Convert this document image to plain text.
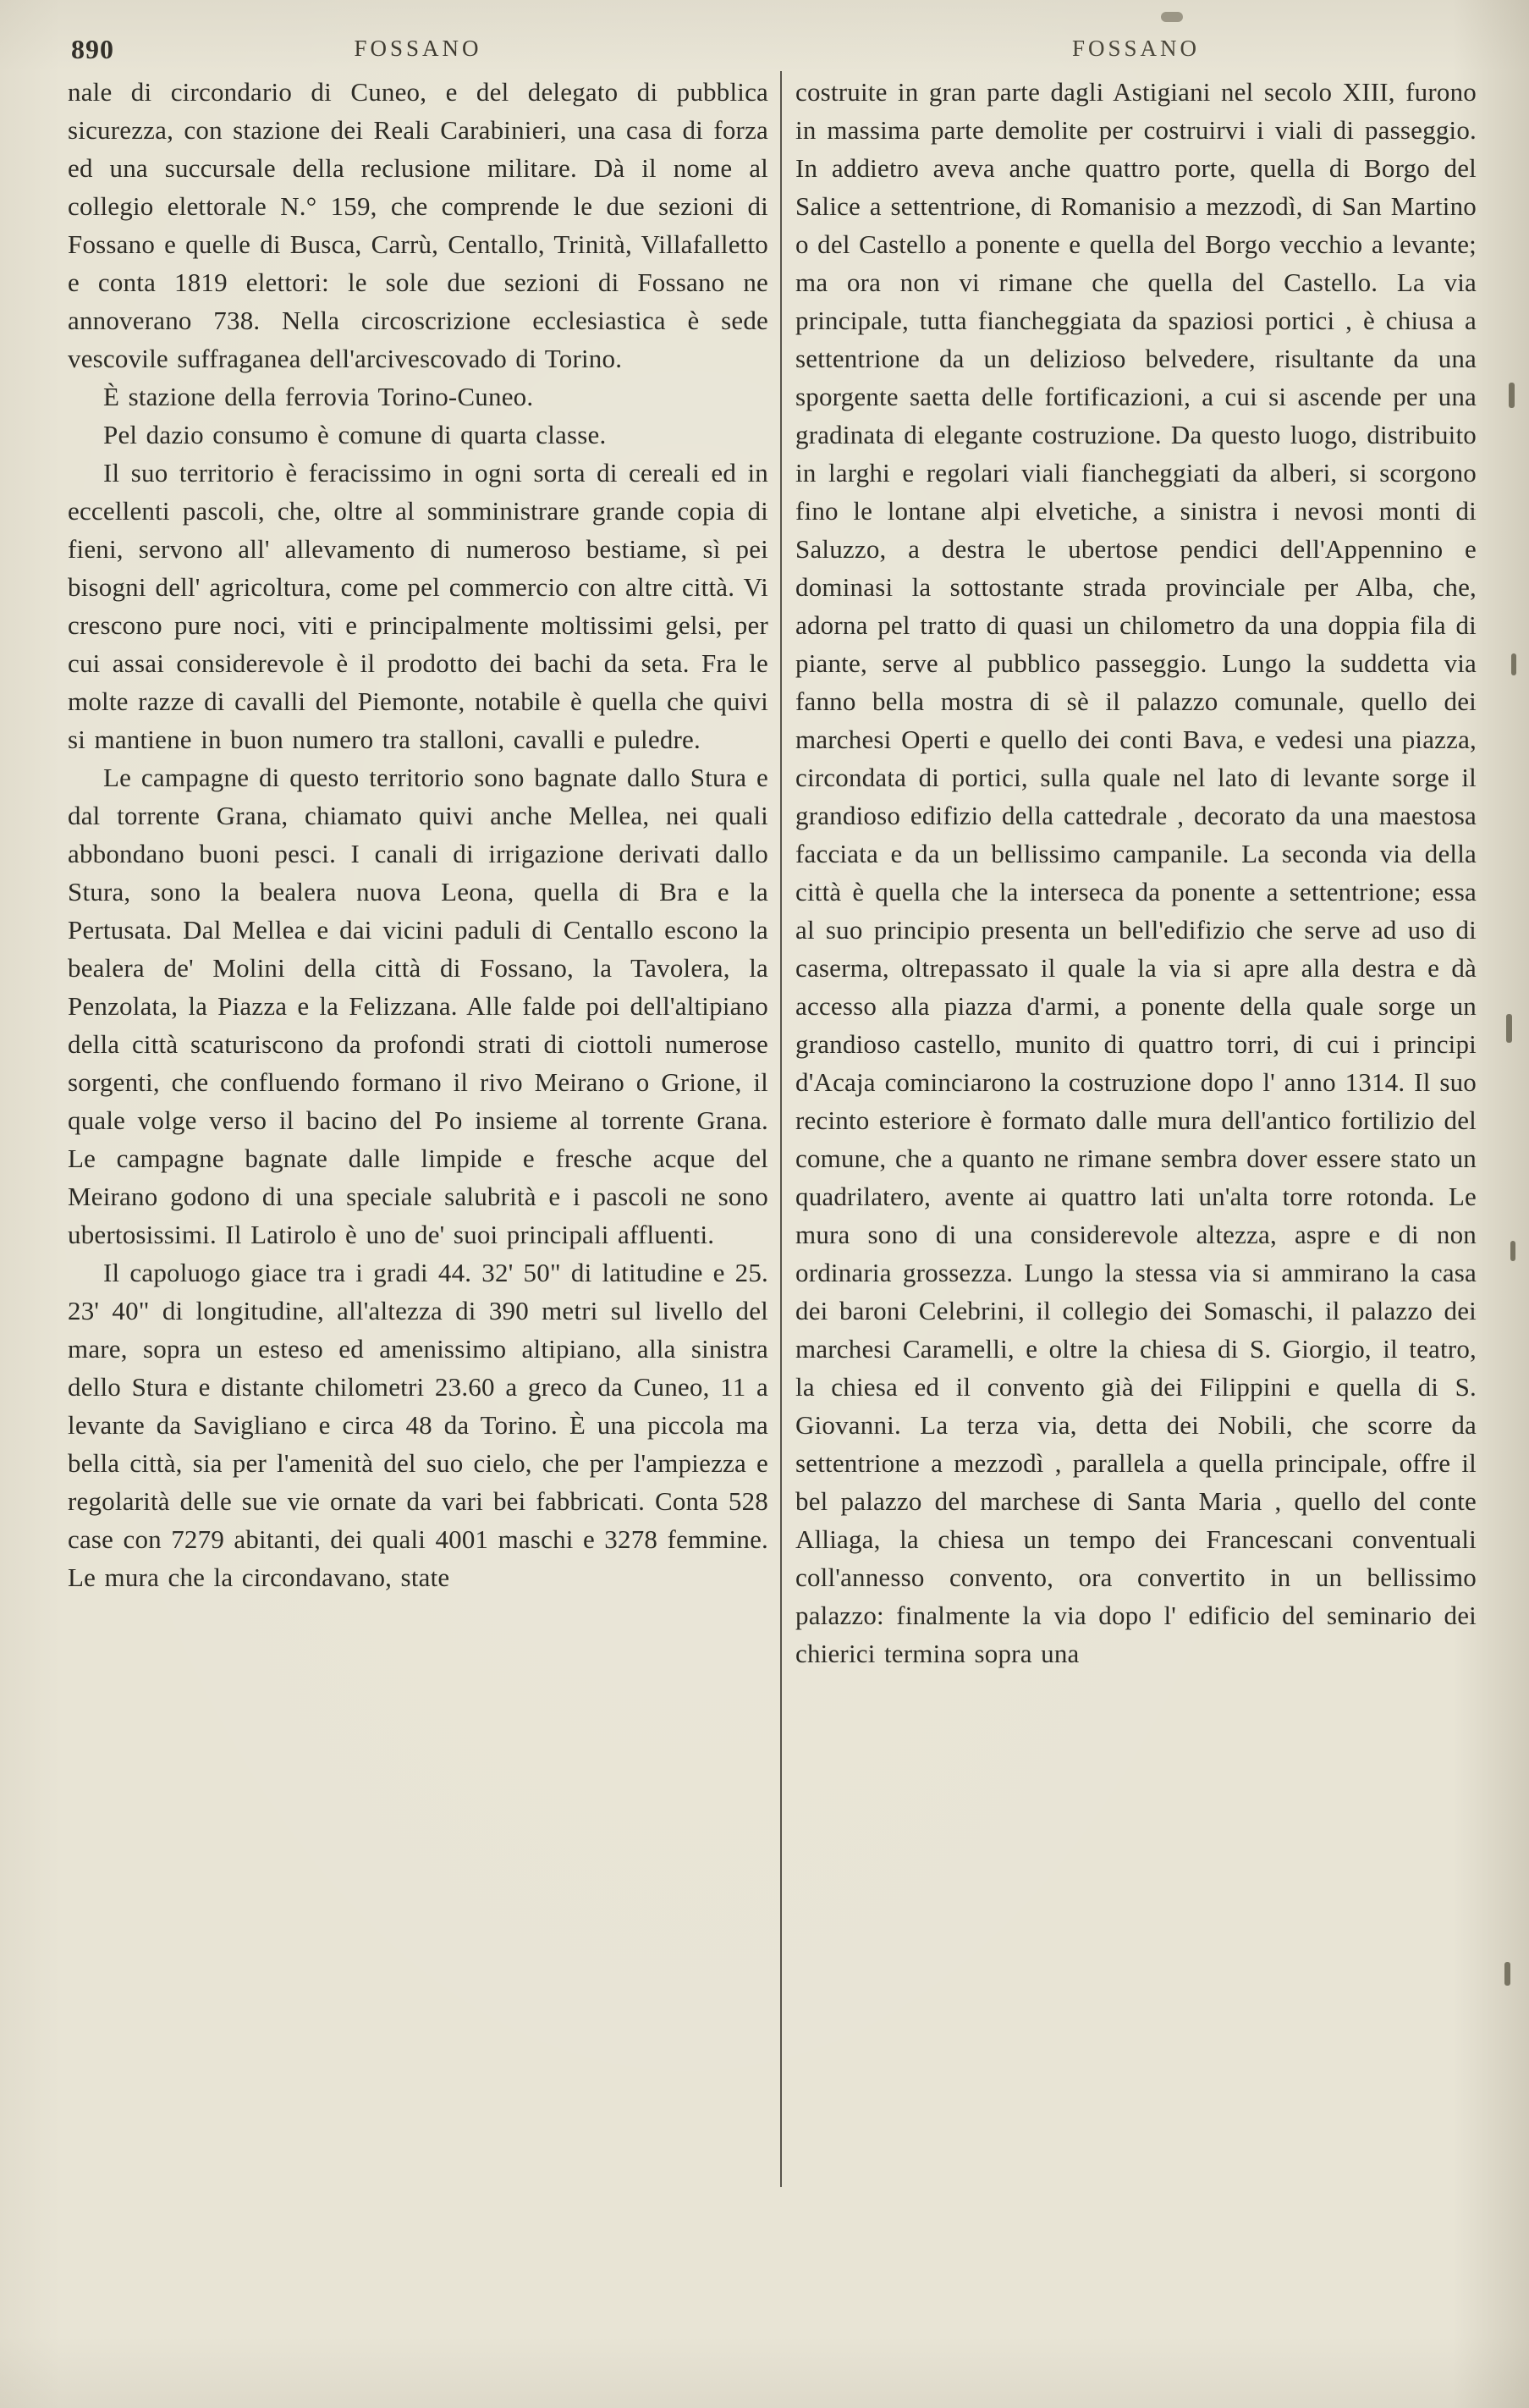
890	FOSSANO	FOSSANO

nale di circondario di Cuneo, e del delegato di pubblica sicurezza, con stazione dei Reali Carabinieri, una casa di forza ed una succursale della reclusione militare. Dà il nome al collegio elettorale N.° 159, che comprende le due sezioni di Fossano e quelle di Busca, Carrù, Centallo, Trinità, Villafalletto e conta 1819 elettori: le sole due sezioni di Fossano ne annoverano 738. Nella circoscrizione ecclesiastica è sede vescovile suffraganea dell'arcivescovado di Torino.

È stazione della ferrovia Torino-Cuneo.

Pel dazio consumo è comune di quarta classe.

Il suo territorio è feracissimo in ogni sorta di cereali ed in eccellenti pascoli, che, oltre al somministrare grande copia di fieni, servono all' allevamento di numeroso bestiame, sì pei bisogni dell' agricoltura, come pel commercio con altre città. Vi crescono pure noci, viti e principalmente moltissimi gelsi, per cui assai considerevole è il prodotto dei bachi da seta. Fra le molte razze di cavalli del Piemonte, notabile è quella che quivi si mantiene in buon numero tra stalloni, cavalli e puledre.

Le campagne di questo territorio sono bagnate dallo Stura e dal torrente Grana, chiamato quivi anche Mellea, nei quali abbondano buoni pesci. I canali di irrigazione derivati dallo Stura, sono la bealera nuova Leona, quella di Bra e la Pertusata. Dal Mellea e dai vicini paduli di Centallo escono la bealera de' Molini della città di Fossano, la Tavolera, la Penzolata, la Piazza e la Felizzana. Alle falde poi dell'altipiano della città scaturiscono da profondi strati di ciottoli numerose sorgenti, che confluendo formano il rivo Meirano o Grione, il quale volge verso il bacino del Po insieme al torrente Grana. Le campagne bagnate dalle limpide e fresche acque del Meirano godono di una speciale salubrità e i pascoli ne sono ubertosissimi. Il Latirolo è uno de' suoi principali affluenti.

Il capoluogo giace tra i gradi 44. 32' 50" di latitudine e 25. 23' 40" di longitudine, all'altezza di 390 metri sul livello del mare, sopra un esteso ed amenissimo altipiano, alla sinistra dello Stura e distante chilometri 23.60 a greco da Cuneo, 11 a levante da Savigliano e circa 48 da Torino. È una piccola ma bella città, sia per l'amenità del suo cielo, che per l'ampiezza e regolarità delle sue vie ornate da vari bei fabbricati. Conta 528 case con 7279 abitanti, dei quali 4001 maschi e 3278 femmine. Le mura che la circondavano, state

costruite in gran parte dagli Astigiani nel secolo XIII, furono in massima parte demolite per costruirvi i viali di passeggio. In addietro aveva anche quattro porte, quella di Borgo del Salice a settentrione, di Romanisio a mezzodì, di San Martino o del Castello a ponente e quella del Borgo vecchio a levante; ma ora non vi rimane che quella del Castello. La via principale, tutta fiancheggiata da spaziosi portici , è chiusa a settentrione da un delizioso belvedere, risultante da una sporgente saetta delle fortificazioni, a cui si ascende per una gradinata di elegante costruzione. Da questo luogo, distribuito in larghi e regolari viali fiancheggiati da alberi, si scorgono fino le lontane alpi elvetiche, a sinistra i nevosi monti di Saluzzo, a destra le ubertose pendici dell'Appennino e dominasi la sottostante strada provinciale per Alba, che, adorna pel tratto di quasi un chilometro da una doppia fila di piante, serve al pubblico passeggio. Lungo la suddetta via fanno bella mostra di sè il palazzo comunale, quello dei marchesi Operti e quello dei conti Bava, e vedesi una piazza, circondata di portici, sulla quale nel lato di levante sorge il grandioso edifizio della cattedrale , decorato da una maestosa facciata e da un bellissimo campanile. La seconda via della città è quella che la interseca da ponente a settentrione; essa al suo principio presenta un bell'edifizio che serve ad uso di caserma, oltrepassato il quale la via si apre alla destra e dà accesso alla piazza d'armi, a ponente della quale sorge un grandioso castello, munito di quattro torri, di cui i principi d'Acaja cominciarono la costruzione dopo l' anno 1314. Il suo recinto esteriore è formato dalle mura dell'antico fortilizio del comune, che a quanto ne rimane sembra dover essere stato un quadrilatero, avente ai quattro lati un'alta torre rotonda. Le mura sono di una considerevole altezza, aspre e di non ordinaria grossezza. Lungo la stessa via si ammirano la casa dei baroni Celebrini, il collegio dei Somaschi, il palazzo dei marchesi Caramelli, e oltre la chiesa di S. Giorgio, il teatro, la chiesa ed il convento già dei Filippini e quella di S. Giovanni. La terza via, detta dei Nobili, che scorre da settentrione a mezzodì , parallela a quella principale, offre il bel palazzo del marchese di Santa Maria , quello del conte Alliaga, la chiesa un tempo dei Francescani conventuali coll'annesso convento, ora convertito in un bellissimo palazzo: finalmente la via dopo l' edificio del seminario dei chierici termina sopra una
